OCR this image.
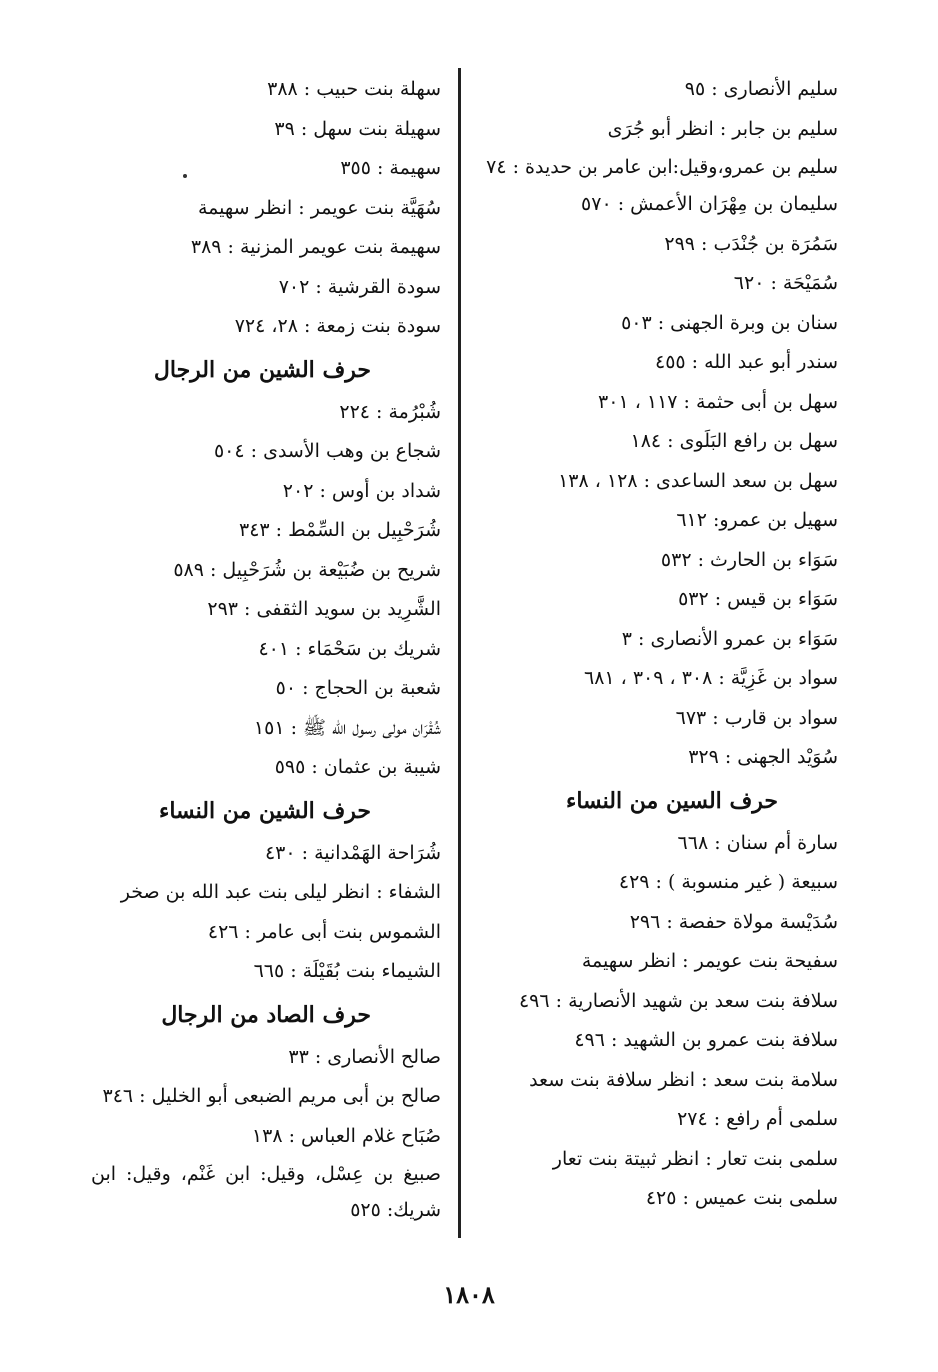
سليم الأنصارى : ٩٥
سليم بن جابر : انظر أبو جُرَى
سليم بن عمرو،وقيل:ابن عامر بن حديدة : ٧٤
سليمان بن مِهْرَان الأعمش : ٥٧٠
سَمُرَة بن جُنْدَب : ٢٩٩
سُمَيْحَة : ٦٢٠
سنان بن وبرة الجهنى : ٥٠٣
سندر أبو عبد الله : ٤٥٥
سهل بن أبى حثمة : ١١٧ ، ٣٠١
سهل بن رافع البَلَوى : ١٨٤
سهل بن سعد الساعدى : ١٢٨ ، ١٣٨
سهيل بن عمرو: ٦١٢
سَوَاء بن الحارث : ٥٣٢
سَوَاء بن قيس : ٥٣٢
سَوَاء بن عمرو الأنصارى : ٣
سواد بن غَزِيَّة : ٣٠٨ ، ٣٠٩ ، ٦٨١
سواد بن قارب : ٦٧٣
سُوَيْد الجهنى : ٣٢٩
حرف السين من النساء
سارة أم سنان : ٦٦٨
سبيعة ( غير منسوبة ) : ٤٢٩
سُدَيْسة مولاة حفصة : ٢٩٦
سفيحة بنت عويمر : انظر سهيمة
سلافة بنت سعد بن شهيد الأنصارية : ٤٩٦
سلافة بنت عمرو بن الشهيد : ٤٩٦
سلامة بنت سعد : انظر سلافة بنت سعد
سلمى أم رافع : ٢٧٤
سلمى بنت تعار : انظر ثبيتة بنت تعار
سلمى بنت عميس : ٤٢٥
سهلة بنت حبيب : ٣٨٨
سهيلة بنت سهل : ٣٩
سهيمة : ٣٥٥
سُهَيَّة بنت عويمر : انظر سهيمة
سهيمة بنت عويمر المزنية : ٣٨٩
سودة القرشية : ٧٠٢
سودة بنت زمعة : ٢٨، ٧٢٤
حرف الشين من الرجال
شُبْرُمة : ٢٢٤
شجاع بن وهب الأسدى : ٥٠٤
شداد بن أوس : ٢٠٢
شُرَحْبِيل بن السِّمْط : ٣٤٣
شريح بن ضُبَيْعة بن شُرَحْبِيل : ٥٨٩
الشَّرِيد بن سويد الثقفى : ٢٩٣
شريك بن سَحْمَاء : ٤٠١
شعبة بن الحجاج : ٥٠
شُقْرَان مولى رسول الله ﷺ : ١٥١
شيبة بن عثمان : ٥٩٥
حرف الشين من النساء
شُرَاحة الهَمْدانية : ٤٣٠
الشفاء : انظر ليلى بنت عبد الله بن صخر
الشموس بنت أبى عامر : ٤٢٦
الشيماء بنت بُقَيْلَة : ٦٦٥
حرف الصاد من الرجال
صالح الأنصارى : ٣٣
صالح بن أبى مريم الضبعى أبو الخليل : ٣٤٦
صُبَاح غلام العباس : ١٣٨
صبيغ بن عِسْل، وقيل: ابن غَنْم، وقيل: ابن شريك: ٥٢٥
١٨٠٨
